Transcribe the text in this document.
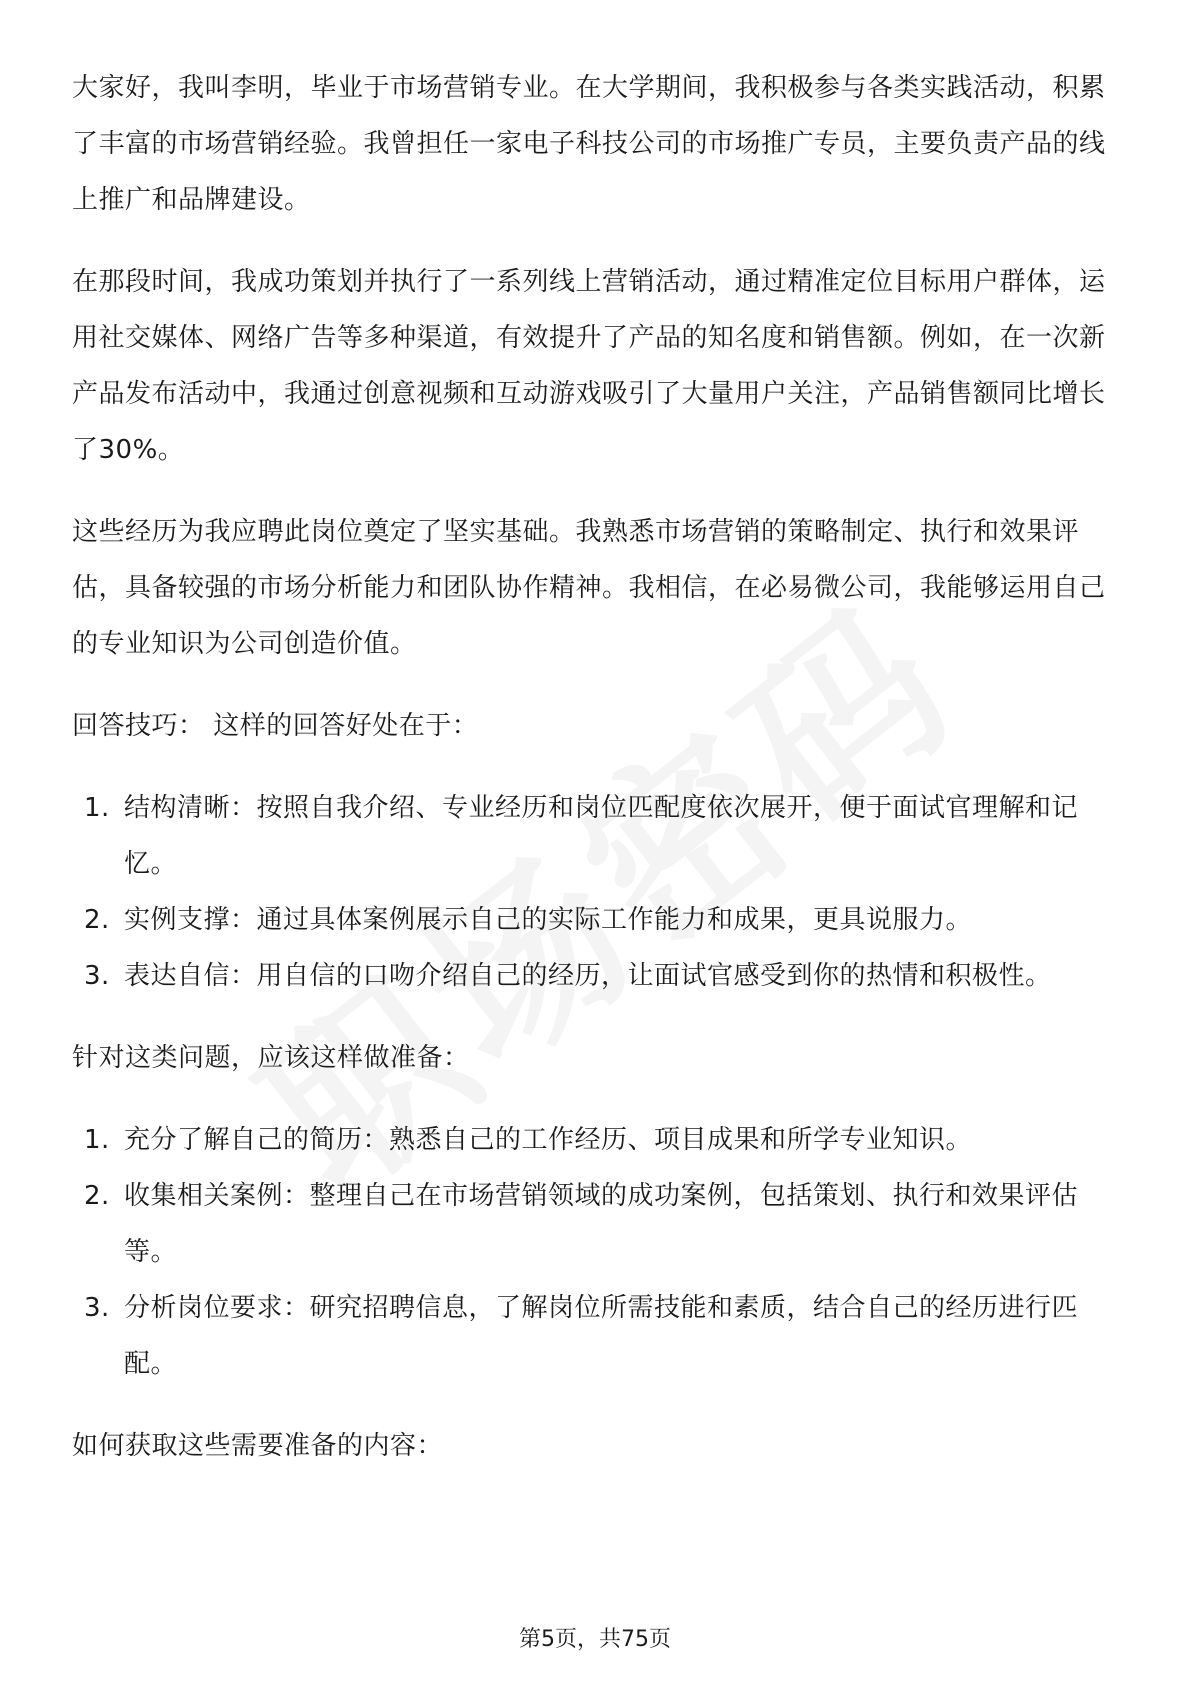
大家好，我叫李明，毕业于市场营销专业。在大学期间，我积极参与各类实践活动，积累了丰富的市场营销经验。我曾担任一家电子科技公司的市场推广专员，主要负责产品的线上推广和品牌建设。

在那段时间，我成功策划并执行了一系列线上营销活动，通过精准定位目标用户群体，运用社交媒体、网络广告等多种渠道，有效提升了产品的知名度和销售额。例如，在一次新产品发布活动中，我通过创意视频和互动游戏吸引了大量用户关注，产品销售额同比增长了30%。

这些经历为我应聘此岗位奠定了坚实基础。我熟悉市场营销的策略制定、执行和效果评估，具备较强的市场分析能力和团队协作精神。我相信，在必易微公司，我能够运用自己的专业知识为公司创造价值。

回答技巧： 这样的回答好处在于：

1. 结构清晰：按照自我介绍、专业经历和岗位匹配度依次展开，便于面试官理解和记忆。
2. 实例支撑：通过具体案例展示自己的实际工作能力和成果，更具说服力。
3. 表达自信：用自信的口吻介绍自己的经历，让面试官感受到你的热情和积极性。

针对这类问题，应该这样做准备：

1. 充分了解自己的简历：熟悉自己的工作经历、项目成果和所学专业知识。
2. 收集相关案例：整理自己在市场营销领域的成功案例，包括策划、执行和效果评估等。
3. 分析岗位要求：研究招聘信息，了解岗位所需技能和素质，结合自己的经历进行匹配。

如何获取这些需要准备的内容：

第5页，共75页
